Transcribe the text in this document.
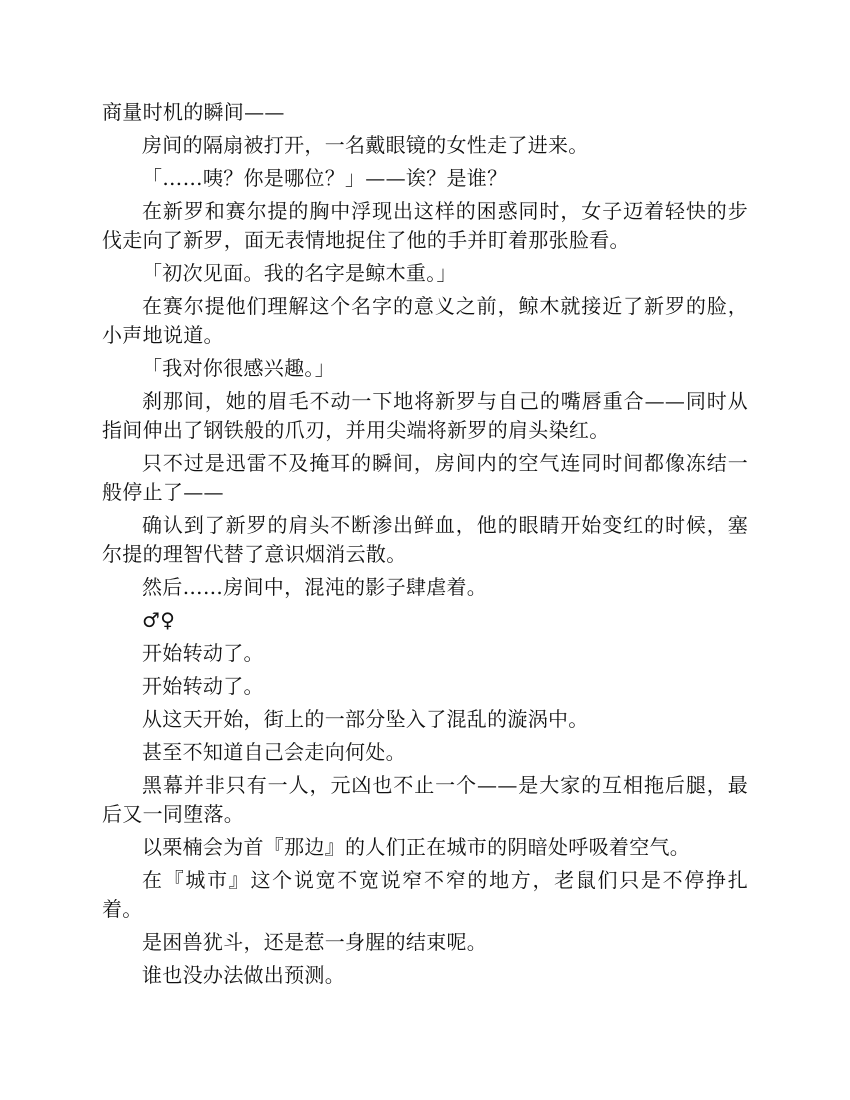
商量时机的瞬间——

房间的隔扇被打开，一名戴眼镜的女性走了进来。

「……咦？你是哪位？」——诶？是谁？

在新罗和赛尔提的胸中浮现出这样的困惑同时，女子迈着轻快的步伐走向了新罗，面无表情地捉住了他的手并盯着那张脸看。

「初次见面。我的名字是鲸木重。」

在赛尔提他们理解这个名字的意义之前，鲸木就接近了新罗的脸，小声地说道。

「我对你很感兴趣。」

刹那间，她的眉毛不动一下地将新罗与自己的嘴唇重合——同时从指间伸出了钢铁般的爪刃，并用尖端将新罗的肩头染红。

只不过是迅雷不及掩耳的瞬间，房间内的空气连同时间都像冻结一般停止了——

确认到了新罗的肩头不断渗出鲜血，他的眼睛开始变红的时候，塞尔提的理智代替了意识烟消云散。

然后……房间中，混沌的影子肆虐着。

♂♀

开始转动了。

开始转动了。

从这天开始，街上的一部分坠入了混乱的漩涡中。

甚至不知道自己会走向何处。

黑幕并非只有一人，元凶也不止一个——是大家的互相拖后腿，最后又一同堕落。

以栗楠会为首『那边』的人们正在城市的阴暗处呼吸着空气。

在『城市』这个说宽不宽说窄不窄的地方，老鼠们只是不停挣扎着。

是困兽犹斗，还是惹一身腥的结束呢。

谁也没办法做出预测。
